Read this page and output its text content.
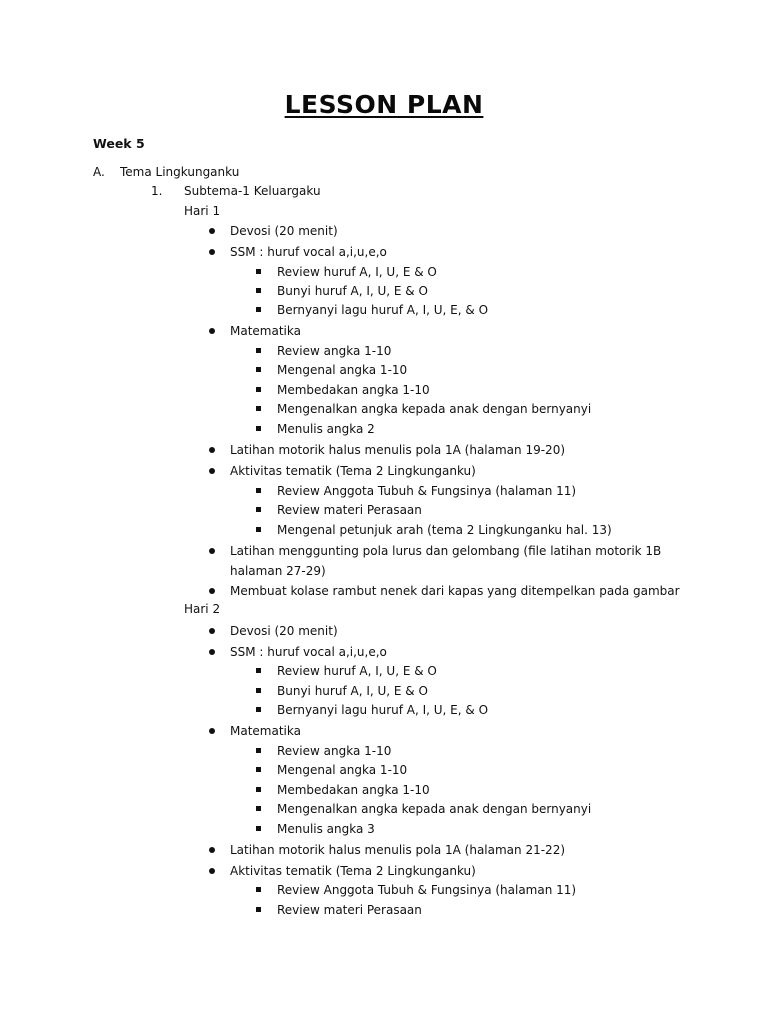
LESSON PLAN
Week 5
A. Tema Lingkunganku
1. Subtema-1 Keluargaku
Hari 1
Devosi (20 menit)
SSM : huruf vocal a,i,u,e,o
Review huruf A, I, U, E & O
Bunyi huruf A, I, U, E & O
Bernyanyi lagu huruf A, I, U, E, & O
Matematika
Review angka 1-10
Mengenal angka 1-10
Membedakan angka 1-10
Mengenalkan angka kepada anak dengan bernyanyi
Menulis angka 2
Latihan motorik halus menulis pola 1A (halaman 19-20)
Aktivitas tematik (Tema 2 Lingkunganku)
Review Anggota Tubuh & Fungsinya (halaman 11)
Review materi Perasaan
Mengenal petunjuk arah (tema 2 Lingkunganku hal. 13)
Latihan menggunting pola lurus dan gelombang (file latihan motorik 1B halaman 27-29)
Membuat kolase rambut nenek dari kapas yang ditempelkan pada gambar
Hari 2
Devosi (20 menit)
SSM : huruf vocal a,i,u,e,o
Review huruf A, I, U, E & O
Bunyi huruf A, I, U, E & O
Bernyanyi lagu huruf A, I, U, E, & O
Matematika
Review angka 1-10
Mengenal angka 1-10
Membedakan angka 1-10
Mengenalkan angka kepada anak dengan bernyanyi
Menulis angka 3
Latihan motorik halus menulis pola 1A (halaman 21-22)
Aktivitas tematik (Tema 2 Lingkunganku)
Review Anggota Tubuh & Fungsinya (halaman 11)
Review materi Perasaan
